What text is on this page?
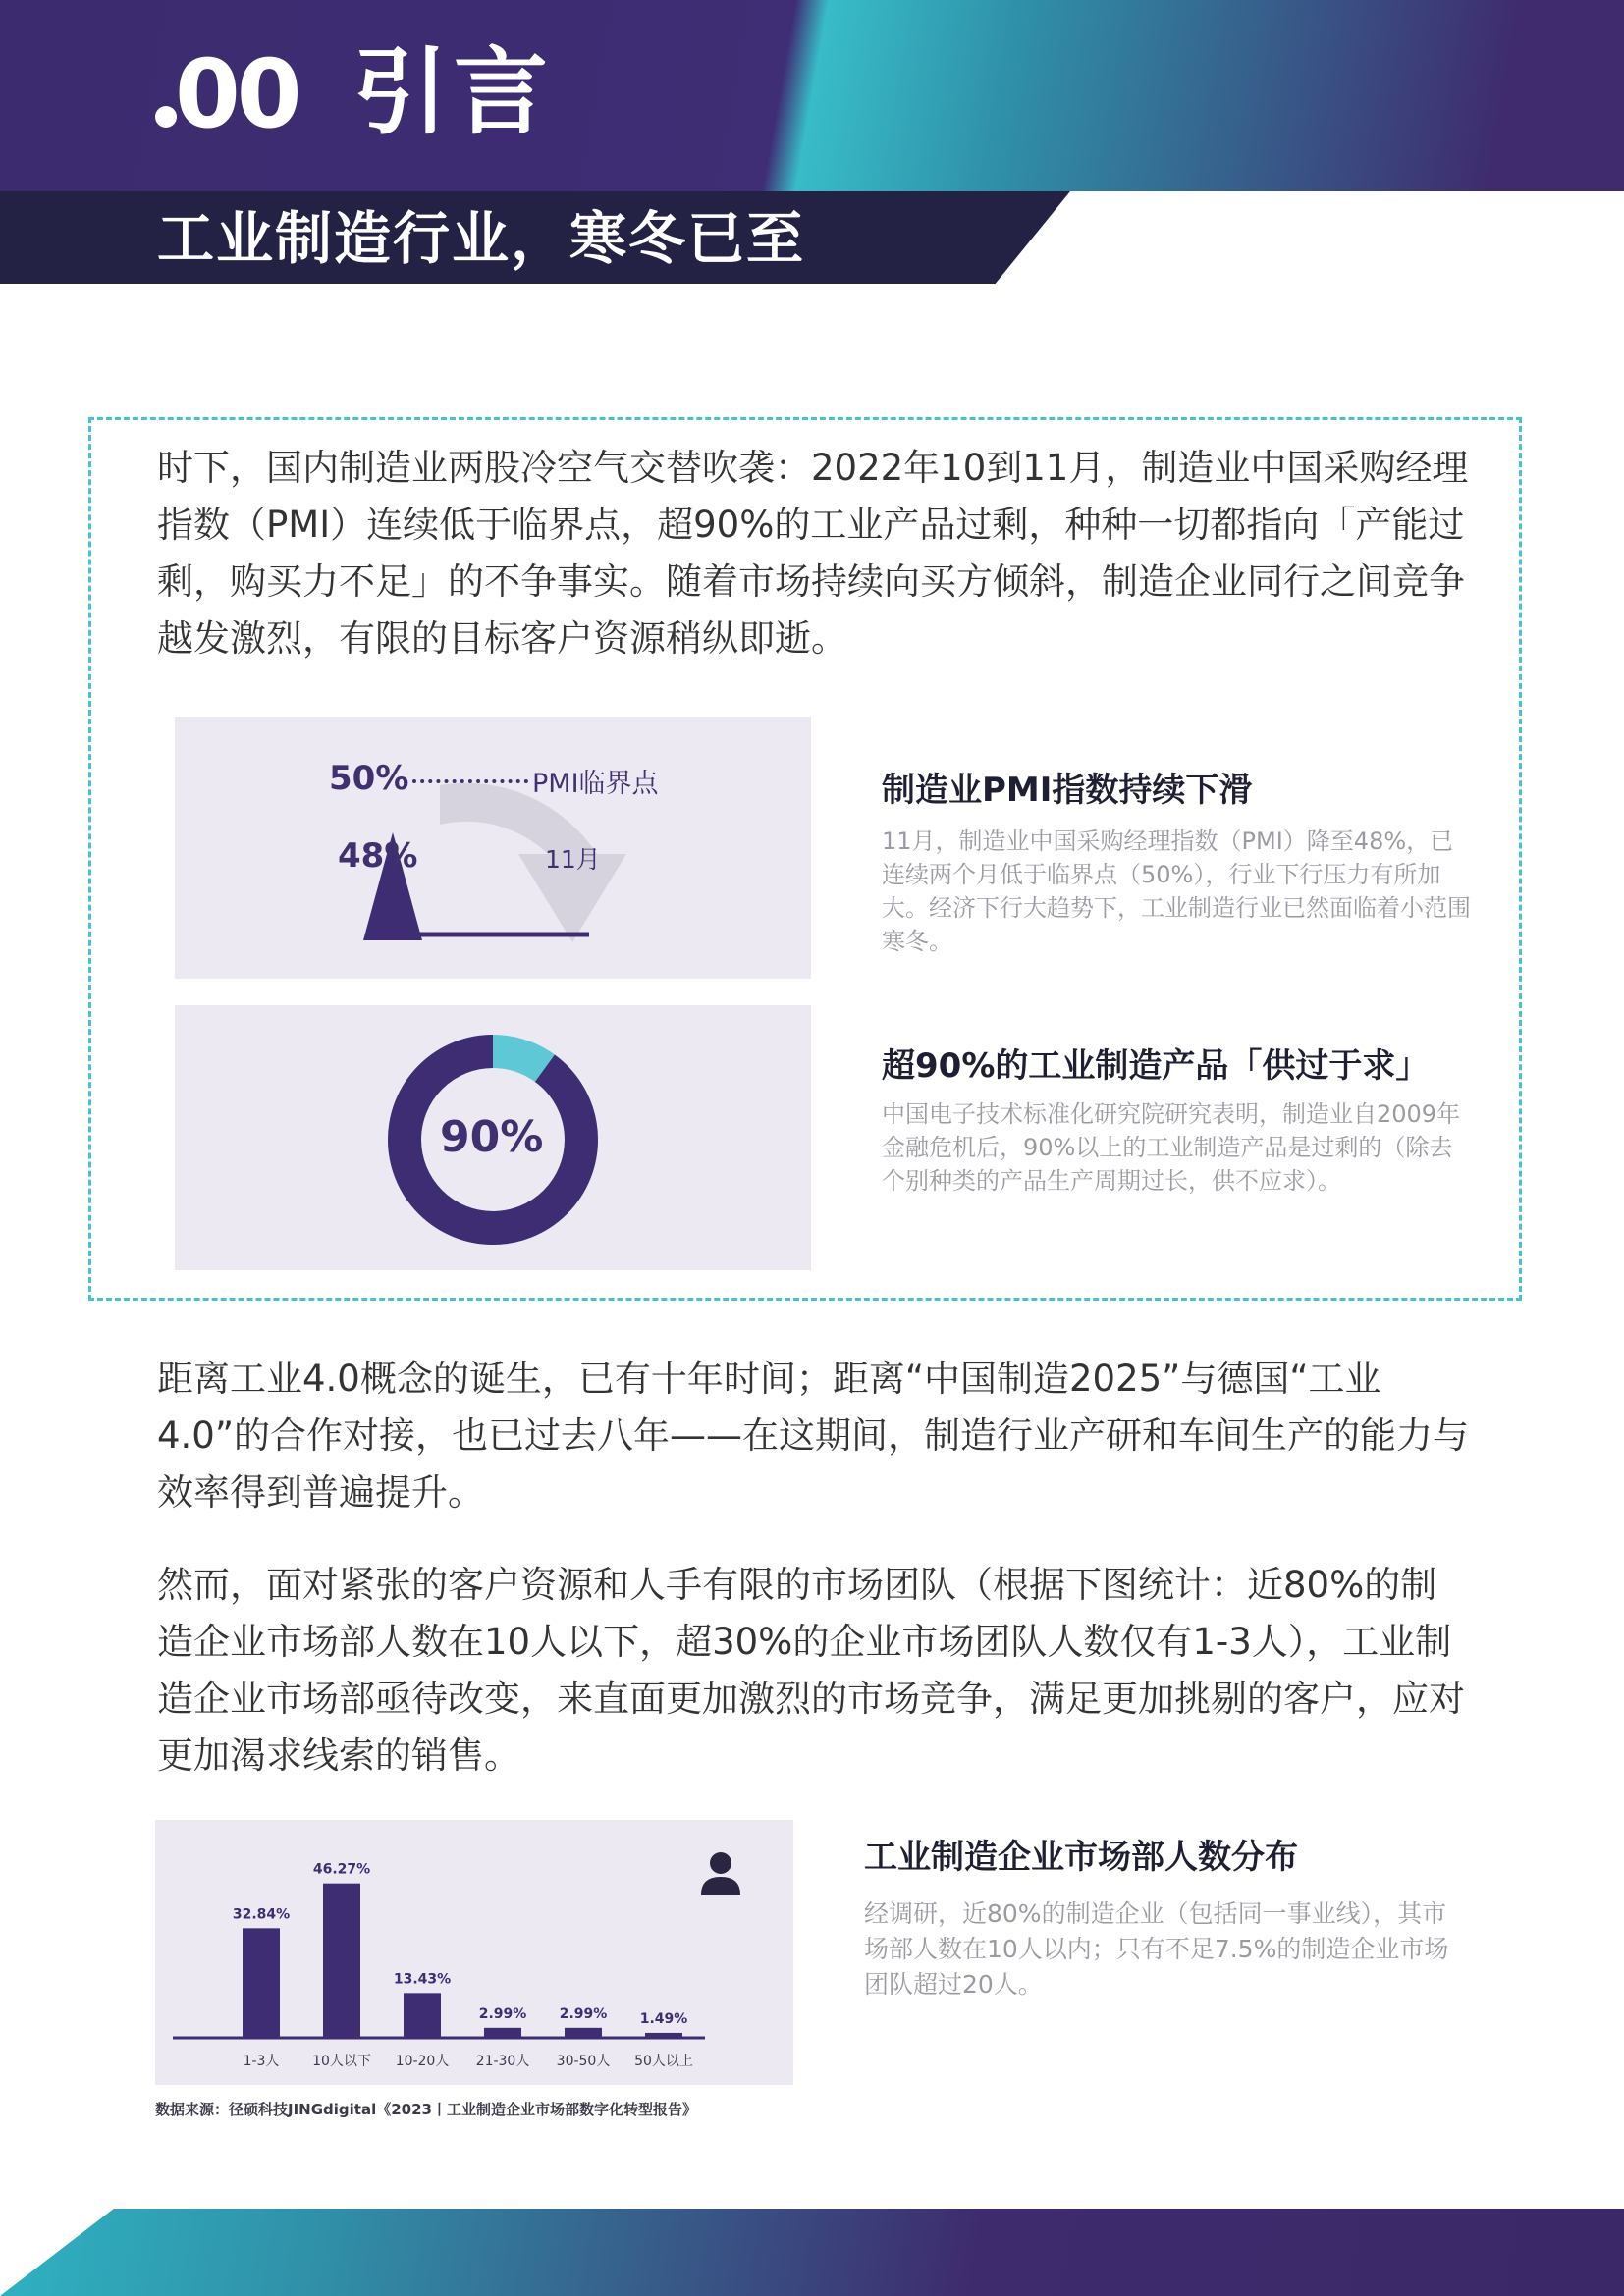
00 引言
工业制造行业，寒冬已至
时下，国内制造业两股冷空气交替吹袭：2022年10到11月，制造业中国采购经理指数（PMI）连续低于临界点，超90%的工业产品过剩，种种一切都指向「产能过剩，购买力不足」的不争事实。随着市场持续向买方倾斜，制造企业同行之间竞争越发激烈，有限的目标客户资源稍纵即逝。
50%	PMI临界点
48%	11月
制造业PMI指数持续下滑
11月，制造业中国采购经理指数（PMI）降至48%，已连续两个月低于临界点（50%），行业下行压力有所加大。经济下行大趋势下，工业制造行业已然面临着小范围寒冬。
90%
超90%的工业制造产品「供过于求」
中国电子技术标准化研究院研究表明，制造业自2009年金融危机后，90%以上的工业制造产品是过剩的（除去个别种类的产品生产周期过长，供不应求）。
距离工业4.0概念的诞生，已有十年时间；距离“中国制造2025”与德国“工业4.0”的合作对接，也已过去八年——在这期间，制造行业产研和车间生产的能力与效率得到普遍提升。
然而，面对紧张的客户资源和人手有限的市场团队（根据下图统计：近80%的制造企业市场部人数在10人以下，超30%的企业市场团队人数仅有1-3人），工业制造企业市场部亟待改变，来直面更加激烈的市场竞争，满足更加挑剔的客户，应对更加渴求线索的销售。
32.84%
1-3人
46.27%
10人以下
13.43%
10-20人
2.99%
21-30人
2.99%
30-50人
1.49%
50人以上
工业制造企业市场部人数分布
经调研，近80%的制造企业（包括同一事业线），其市场部人数在10人以内；只有不足7.5%的制造企业市场团队超过20人。
数据来源：径硕科技JINGdigital《2023丨工业制造企业市场部数字化转型报告》
